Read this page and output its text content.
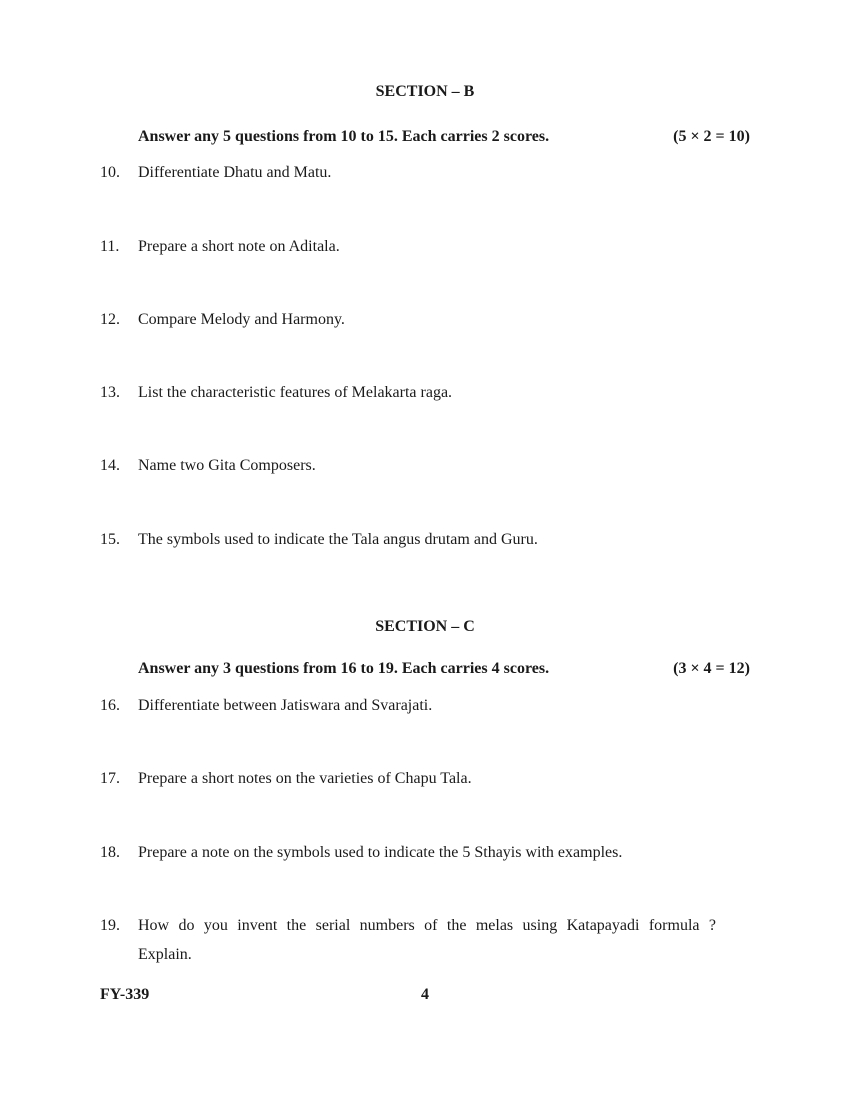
SECTION – B
Answer any 5 questions from 10 to 15. Each carries 2 scores.	(5 × 2 = 10)
10. Differentiate Dhatu and Matu.
11. Prepare a short note on Aditala.
12. Compare Melody and Harmony.
13. List the characteristic features of Melakarta raga.
14. Name two Gita Composers.
15. The symbols used to indicate the Tala angus drutam and Guru.
SECTION – C
Answer any 3 questions from 16 to 19. Each carries 4 scores.	(3 × 4 = 12)
16. Differentiate between Jatiswara and Svarajati.
17. Prepare a short notes on the varieties of Chapu Tala.
18. Prepare a note on the symbols used to indicate the 5 Sthayis with examples.
19. How do you invent the serial numbers of the melas using Katapayadi formula ?
Explain.
FY-339	4
